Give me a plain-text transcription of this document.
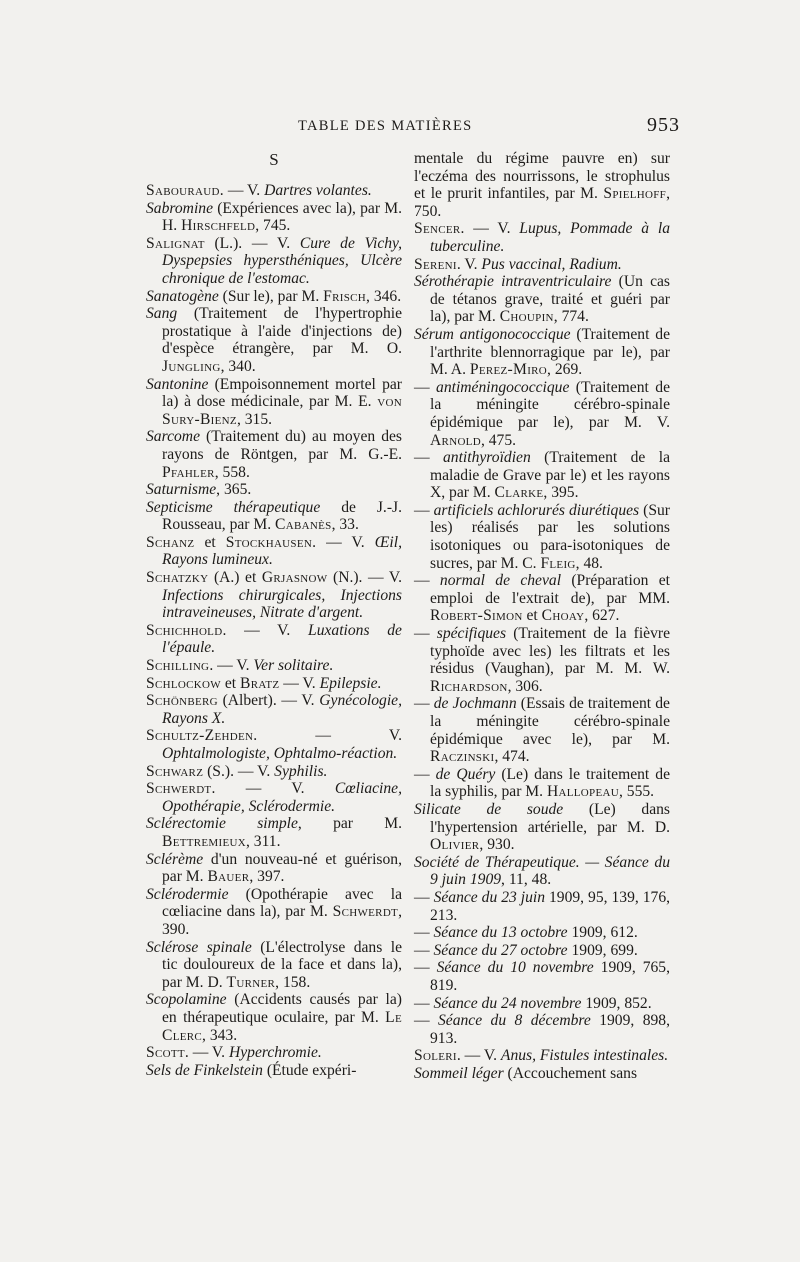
TABLE DES MATIÈRES	953
S

Sabouraud. — V. Dartres volantes.

Sabromine (Expériences avec la), par M. H. Hirschfeld, 745.

Salignat (L.). — V. Cure de Vichy, Dyspepsies hypersthéniques, Ulcère chronique de l'estomac.

Sanatogène (Sur le), par M. Frisch, 346.

Sang (Traitement de l'hypertrophie prostatique à l'aide d'injections de) d'espèce étrangère, par M. O. Jungling, 340.

Santonine (Empoisonnement mortel par la) à dose médicinale, par M. E. von Sury-Bienz, 315.

Sarcome (Traitement du) au moyen des rayons de Röntgen, par M. G.-E. Pfahler, 558.

Saturnisme, 365.

Septicisme thérapeutique de J.-J. Rousseau, par M. Cabanès, 33.

Schanz et Stockhausen. — V. Œil, Rayons lumineux.

Schatzky (A.) et Grjasnow (N.). — V. Infections chirurgicales, Injections intraveineuses, Nitrate d'argent.

Schichhold. — V. Luxations de l'épaule.

Schilling. — V. Ver solitaire.

Schlockow et Bratz — V. Epilepsie.

Schönberg (Albert). — V. Gynécologie, Rayons X.

Schultz-Zehden. — V. Ophtalmologiste, Ophtalmo-réaction.

Schwarz (S.). — V. Syphilis.

Schwerdt. — V. Cœliacine, Opothérapie, Sclérodermie.

Sclérectomie simple, par M. Bettremieux, 311.

Sclérème d'un nouveau-né et guérison, par M. Bauer, 397.

Sclérodermie (Opothérapie avec la cœliacine dans la), par M. Schwerdt, 390.

Sclérose spinale (L'électrolyse dans le tic douloureux de la face et dans la), par M. D. Turner, 158.

Scopolamine (Accidents causés par la) en thérapeutique oculaire, par M. Le Clerc, 343.

Scott. — V. Hyperchromie.

Sels de Finkelstein (Étude expéri-

mentale du régime pauvre en) sur l'eczéma des nourrissons, le strophulus et le prurit infantiles, par M. Spielhoff, 750.

Sencer. — V. Lupus, Pommade à la tuberculine.

Sereni. V. Pus vaccinal, Radium.

Sérothérapie intraventriculaire (Un cas de tétanos grave, traité et guéri par la), par M. Choupin, 774.

Sérum antigonococcique (Traitement de l'arthrite blennorragique par le), par M. A. Perez-Miro, 269.

— antiméningococcique (Traitement de la méningite cérébro-spinale épidémique par le), par M. V. Arnold, 475.

— antithyroïdien (Traitement de la maladie de Grave par le) et les rayons X, par M. Clarke, 395.

— artificiels achlorurés diurétiques (Sur les) réalisés par les solutions isotoniques ou para-isotoniques de sucres, par M. C. Fleig, 48.

— normal de cheval (Préparation et emploi de l'extrait de), par MM. Robert-Simon et Choay, 627.

— spécifiques (Traitement de la fièvre typhoïde avec les) les filtrats et les résidus (Vaughan), par M. M. W. Richardson, 306.

— de Jochmann (Essais de traitement de la méningite cérébro-spinale épidémique avec le), par M. Raczinski, 474.

— de Quéry (Le) dans le traitement de la syphilis, par M. Hallopeau, 555.

Silicate de soude (Le) dans l'hypertension artérielle, par M. D. Olivier, 930.

Société de Thérapeutique. — Séance du 9 juin 1909, 11, 48.

— Séance du 23 juin 1909, 95, 139, 176, 213.

— Séance du 13 octobre 1909, 612.

— Séance du 27 octobre 1909, 699.

— Séance du 10 novembre 1909, 765, 819.

— Séance du 24 novembre 1909, 852.

— Séance du 8 décembre 1909, 898, 913.

Soleri. — V. Anus, Fistules intestinales.

Sommeil léger (Accouchement sans
